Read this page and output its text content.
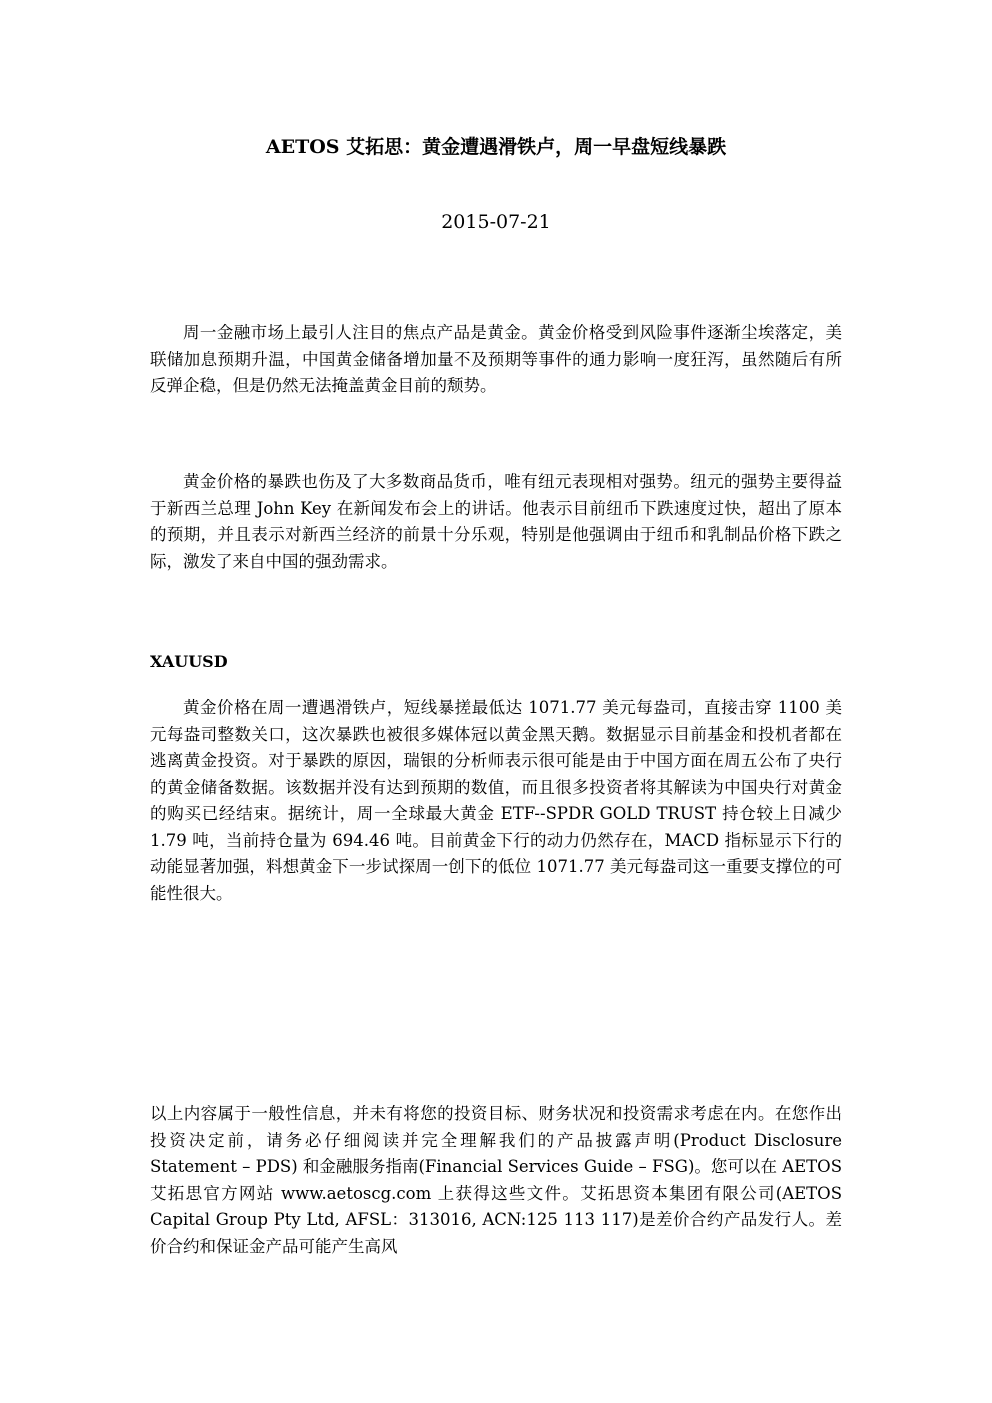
AETOS 艾拓思：黄金遭遇滑铁卢，周一早盘短线暴跌
2015-07-21

周一金融市场上最引人注目的焦点产品是黄金。黄金价格受到风险事件逐渐尘埃落定，美联储加息预期升温，中国黄金储备增加量不及预期等事件的通力影响一度狂泻，虽然随后有所反弹企稳，但是仍然无法掩盖黄金目前的颓势。

黄金价格的暴跌也伤及了大多数商品货币，唯有纽元表现相对强势。纽元的强势主要得益于新西兰总理 John Key 在新闻发布会上的讲话。他表示目前纽币下跌速度过快，超出了原本的预期，并且表示对新西兰经济的前景十分乐观，特别是他强调由于纽币和乳制品价格下跌之际，激发了来自中国的强劲需求。

XAUUSD

黄金价格在周一遭遇滑铁卢，短线暴搓最低达 1071.77 美元每盎司，直接击穿 1100 美元每盎司整数关口，这次暴跌也被很多媒体冠以黄金黑天鹅。数据显示目前基金和投机者都在逃离黄金投资。对于暴跌的原因，瑞银的分析师表示很可能是由于中国方面在周五公布了央行的黄金储备数据。该数据并没有达到预期的数值，而且很多投资者将其解读为中国央行对黄金的购买已经结束。据统计，周一全球最大黄金 ETF--SPDR GOLD TRUST 持仓较上日减少 1.79 吨，当前持仓量为 694.46 吨。目前黄金下行的动力仍然存在，MACD 指标显示下行的动能显著加强，料想黄金下一步试探周一创下的低位 1071.77 美元每盎司这一重要支撑位的可能性很大。

以上内容属于一般性信息，并未有将您的投资目标、财务状况和投资需求考虑在内。在您作出投资决定前，请务必仔细阅读并完全理解我们的产品披露声明(Product Disclosure Statement – PDS) 和金融服务指南(Financial Services Guide – FSG)。您可以在 AETOS 艾拓思官方网站 www.aetoscg.com 上获得这些文件。艾拓思资本集团有限公司(AETOS Capital Group Pty Ltd, AFSL：313016, ACN:125 113 117)是差价合约产品发行人。差价合约和保证金产品可能产生高风
